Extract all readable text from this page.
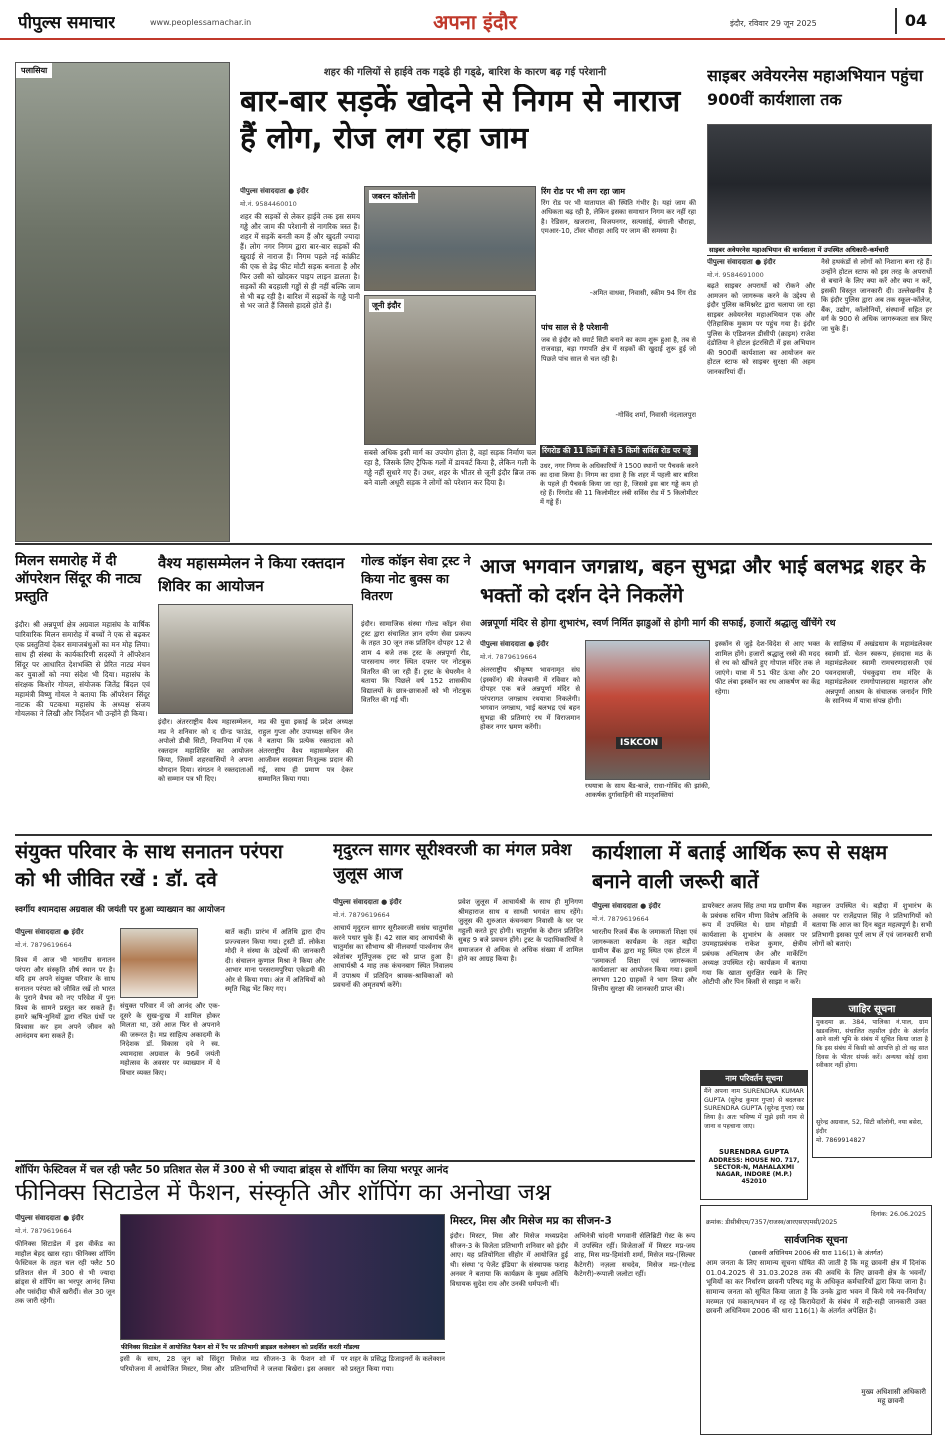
पीपुल्स समाचार	www.peoplessamachar.in	अपना इंदौर	इंदौर, रविवार 29 जून 2025	04
पलासिया	शहर की गलियों से हाईवे तक गड्‌ढे ही गड्‌ढे, बारिश के कारण बढ़ गई परेशानी
बार-बार सड़कें खोदने से निगम से नाराज हैं लोग, रोज लग रहा जाम
पीपुल्स संवाददाता ● इंदौर
मो.नं. 9584460010
शहर की सड़कों से लेकर हाईवे तक इस समय गड्ढे और जाम की परेशानी से नागरिक त्रस्त हैं। शहर में सड़कें बनती कम हैं और खुदती ज्यादा हैं। लोग नगर निगम द्वारा बार-बार सड़कों की खुदाई से नाराज हैं। निगम पहले नई कांक्रीट की एक से डेढ़ फीट मोटी सड़क बनाता है और फिर उसी को खोदकर पाइप लाइन डालता है। सड़कों की बदहाली गड्ढों से ही नहीं बल्कि जाम से भी बढ़ रही है। बारिश में सड़कों के गड्ढे पानी से भर जाते हैं जिससे हादसे होते हैं।
जबरन कॉलोनी
जूनी इंदौर
सबसे अधिक इसी मार्ग का उपयोग होता है, वहां सड़क निर्माण चल रहा है, जिसके लिए ट्रैफिक गलों में डायवर्ट किया है, लेकिन गली के गड्ढे नहीं सुधारे गए हैं। उधर, शहर के भीतर से जूनी इंदौर ब्रिज तक बने वाली अधूरी सड़क ने लोगों को परेशान कर दिया है।
रिंग रोड पर भी लग रहा जाम
रिंग रोड पर भी यातायात की स्थिति गंभीर है। यहां जाम की अधिकता बढ़ रही है, लेकिन इसका समाधान निगम कर नहीं रहा है। रेडिसन, खजराना, विजयनगर, सत्यसांई, बंगाली चौराहा, एमआर-10, टॉवर चौराहा आदि पर जाम की समस्या है।
-अमित वाधवा, निवासी, स्कीम 94 रिंग रोड
पांच साल से है परेशानी
जब से इंदौर को स्मार्ट सिटी बनाने का काम शुरू हुआ है, तब से राजवाड़ा, बड़ा गणपति क्षेत्र में सड़कों की खुदाई शुरू हुई जो पिछले पांच साल से चल रही है।
-गोविंद शर्मा, निवासी नंदलालपुरा
रिंगरोड की 11 किमी में से 5 किमी सर्विस रोड पर गड्ढे
उधर, नगर निगम के अधिकारियों ने 1500 स्थानों पर पैचवर्क करने का दावा किया है। निगम का दावा है कि शहर में पहली बार बारिश के पहले ही पैचवर्क किया जा रहा है, जिससे इस बार गड्ढे कम हो रहे हैं। रिंगरोड की 11 किलोमीटर लंबी सर्विस रोड में 5 किलोमीटर में गड्ढे हैं।
साइबर अवेयरनेस महाअभियान पहुंचा 900वीं कार्यशाला तक
साइबर अवेयरनेस महाअभियान की कार्यशाला में उपस्थित अधिकारी-कर्मचारी
पीपुल्स संवाददाता ● इंदौर
मो.नं. 9584691000
बढ़ते साइबर अपराधों को रोकने और आमजन को जागरूक करने के उद्देश्य से इंदौर पुलिस कमिश्नरेट द्वारा चलाया जा रहा साइबर अवेयरनेस महाअभियान एक और ऐतिहासिक मुकाम पर पहुंच गया है। इंदौर पुलिस के एडिशनल डीसीपी (क्राइम) राजेश दंडोतिया ने होटल इंटरसिटी में इस अभियान की 900वीं कार्यशाला का आयोजन कर होटल स्टाफ को साइबर सुरक्षा की अहम जानकारियां दीं।
नैसे हथकंडों से लोगों को निशाना बना रहे हैं। उन्होंने होटल स्टाफ को इस तरह के अपराधों से बचाने के लिए क्या करें और क्या न करें, इसकी विस्तृत जानकारी दी। उल्लेखनीय है कि इंदौर पुलिस द्वारा अब तक स्कूल-कॉलेज, बैंक, उद्योग, कॉलोनियों, संस्थानों सहित हर वर्ग के 900 से अधिक जागरूकता सत्र किए जा चुके हैं।
मिलन समारोह में दी ऑपरेशन सिंदूर की नाट्य प्रस्तुति
इंदौर। श्री अन्नपूर्णा क्षेत्र अग्रवाल महासंघ के वार्षिक पारिवारिक मिलन समारोह में बच्चों ने एक से बढ़कर एक प्रस्तुतियां देकर समाजबंधुओं का मन मोह लिया। साथ ही संस्था के कार्यकारिणी सदस्यों ने ऑपरेशन सिंदूर पर आधारित देशभक्ति से प्रेरित नाट्य मंचन कर युवाओं को नया संदेश भी दिया। महासंघ के संरक्षक किशोर गोयल, संयोजक जितेंद्र बिंदल एवं महामंत्री विष्णु गोयल ने बताया कि ऑपरेशन सिंदूर नाटक की पटकथा महासंघ के अध्यक्ष संजय गोयलका ने लिखी और निर्देशन भी उन्होंने ही किया।
वैश्य महासम्मेलन ने किया रक्तदान शिविर का आयोजन
इंदौर। अंतरराष्ट्रीय वैश्य महासम्मेलन, मप्र ने शनिवार को द ग्रीन्ड फाउंड, अपोलो डीबी सिटी, निपानिया में एक रक्तदान महाशिविर का आयोजन किया, जिसमें शहरवासियों ने अपना योगदान दिया। संगठन ने रक्तदाताओं को सम्मान पत्र भी दिए।
मप्र की युवा इकाई के प्रदेश अध्यक्ष राहुल गुप्ता और उपाध्यक्ष सचिन जैन ने बताया कि प्रत्येक रक्तदाता को अंतरराष्ट्रीय वैश्य महासम्मेलन की आजीवन सदस्यता निःशुल्क प्रदान की गई, साथ ही प्रमाण पत्र देकर सम्मानित किया गया।
गोल्ड कॉइन सेवा ट्रस्ट ने किया नोट बुक्स का वितरण
इंदौर। सामाजिक संस्था गोल्ड कॉइन सेवा ट्रस्ट द्वारा संचालित ज्ञान दर्पण सेवा प्रकल्प के तहत 30 जून तक प्रतिदिन दोपहर 12 से शाम 4 बजे तक ट्रस्ट के अन्नपूर्णा रोड, पारसनाथ नगर स्थित दफ्तर पर नोटबुक वितरित की जा रही हैं। ट्रस्ट के चेयरमैन ने बताया कि पिछले वर्ष 152 शासकीय विद्यालयों के छात्र-छात्राओं को भी नोटबुक वितरित की गई थीं।
आज भगवान जगन्नाथ, बहन सुभद्रा और भाई बलभद्र शहर के भक्तों को दर्शन देने निकलेंगे
अन्नपूर्णा मंदिर से होगा शुभारंभ, स्वर्ण निर्मित झाडुओं से होगी मार्ग की सफाई, हजारों श्रद्धालु खींचेंगे रथ
पीपुल्स संवाददाता ● इंदौर
मो.नं. 7879619664
अंतरराष्ट्रीय श्रीकृष्ण भावनामृत संघ (इस्कॉन) की मेजबानी में रविवार को दोपहर एक बजे अन्नपूर्णा मंदिर से परंपरागत जगन्नाथ रथयात्रा निकलेगी। भगवान जगन्नाथ, भाई बलभद्र एवं बहन सुभद्रा की प्रतिमाएं रथ में विराजमान होकर नगर भ्रमण करेंगी।
ISKCON
रथयात्रा के साथ बैंड-बाजे, राधा-गोविंद की झांकी, आकर्षक दुर्गावाहिनी की मातृशक्तियां
इस्कॉन से जुड़े देश-विदेश से आए भक्त शामिल होंगे। हजारों श्रद्धालु रस्से की मदद से रथ को खींचते हुए गोपाल मंदिर तक ले जाएंगे। यात्रा में 51 फीट ऊंचा और 20 फीट लंबा इस्कॉन का रथ आकर्षण का केंद्र रहेगा।
के साक्षिध्य में अखंडधाम के महामंडलेश्वर स्वामी डॉ. चेतन स्वरूप, हंसदास मठ के महामंडलेश्वर स्वामी रामचरणदासजी एवं पवनदासजी, पंचकुइया राम मंदिर के महामंडलेश्वर रामगोपालदास महाराज और अन्नपूर्णा आश्रम के संचालक जनार्दन गिरि के सानिध्य में यात्रा संपन्न होगी।
संयुक्त परिवार के साथ सनातन परंपरा को भी जीवित रखें : डॉ. दवे
स्वर्गीय श्यामदास अग्रवाल की जयंती पर हुआ व्याख्यान का आयोजन
पीपुल्स संवाददाता ● इंदौर
मो.नं. 7879619664
विश्व में आज भी भारतीय सनातन परंपरा और संस्कृति शीर्ष स्थान पर है। यदि हम अपने संयुक्त परिवार के साथ सनातन परंपरा को जीवित रखें तो भारत के पुराने वैभव को नए परिवेश में पुनः विश्व के सामने प्रस्तुत कर सकते हैं। हमारे ऋषि-मुनियों द्वारा रचित ग्रंथों पर विश्वास कर हम अपने जीवन को आनंदमय बना सकते हैं।
संयुक्त परिवार में जो आनंद और एक-दूसरे के सुख-दुःख में शामिल होकर मिलता था, उसे आज फिर से अपनाने की जरूरत है। मप्र साहित्य अकादमी के निदेशक डॉ. विकास दवे ने स्व. श्यामदास अग्रवाल के 96वें जयंती महोत्सव के अवसर पर व्याख्यान में ये विचार व्यक्त किए।
बातें कहीं। प्रारंभ में अतिथि द्वारा दीप प्रज्ज्वलन किया गया। ट्रस्टी डॉ. लोकेश मोदी ने संस्था के उद्देश्यों की जानकारी दी। संचालन कुणाल मिश्रा ने किया और आभार माना परसरामपुरिया एकेडमी की ओर से किया गया। अंत में अतिथियों को स्मृति चिह्न भेंट किए गए।
मृदुरत्न सागर सूरीश्वरजी का मंगल प्रवेश जुलूस आज
पीपुल्स संवाददाता ● इंदौर
मो.नं. 7879619664
आचार्य मृदुरत्न सागर सूरीश्वरजी ससंघ चातुर्मास करने पधार चुके हैं। 42 साल बाद आचार्यश्री के चातुर्मास का सौभाग्य श्री नीलवर्णा पार्श्वनाथ जैन श्वेतांबर मूर्तिपूजक ट्रस्ट को प्राप्त हुआ है। आचार्यश्री 4 माह तक कंचनबाग स्थित निवालय में उपाश्रय में प्रतिदिन श्रावक-श्राविकाओं को प्रवचनों की अमृतवर्षा करेंगे।
प्रवेश जुलूस में आचार्यश्री के साथ ही मुनिगण श्रीमहाराज साथ व साध्वी भगवंत साथ रहेंगे। जुलूस की शुरुआत कंचनबाग निवासी के घर पर गहुली करते हुए होगी। चातुर्मास के दौरान प्रतिदिन सुबह 9 बजे प्रवचन होंगे। ट्रस्ट के पदाधिकारियों ने समाजजन से अधिक से अधिक संख्या में शामिल होने का आग्रह किया है।
कार्यशाला में बताई आर्थिक रूप से सक्षम बनाने वाली जरूरी बातें
पीपुल्स संवाददाता ● इंदौर
मो.नं. 7879619664
भारतीय रिजर्व बैंक के जमाकर्ता शिक्षा एवं जागरूकता कार्यक्रम के तहत बड़ौदा ग्रामीण बैंक द्वारा महू स्थित एक होटल में 'जमाकर्ता शिक्षा एवं जागरूकता कार्यशाला' का आयोजन किया गया। इसमें लगभग 120 ग्राहकों ने भाग लिया और वित्तीय सुरक्षा की जानकारी प्राप्त की।
डायरेक्टर अजय सिंह तथा मप्र ग्रामीण बैंक के प्रबंधक सचिन मीणा विशेष अतिथि के रूप में उपस्थित थे। ग्राम मोहाडी में कार्यशाला के शुभारंभ के अवसर पर उपमहाप्रबंधक राकेश कुमार, क्षेत्रीय प्रबंधक अभिलाष जैन और मार्केटिंग अध्यक्ष उपस्थित रहे। कार्यक्रम में बताया गया कि खाता सुरक्षित रखने के लिए ओटीपी और पिन किसी से साझा न करें।
महाजन उपस्थित थे। बड़ौदा में शुभारंभ के अवसर पर राजेंद्रपाल सिंह ने प्रतिभागियों को बताया कि आज का दिन बहुत महत्वपूर्ण है। सभी प्रतिभागी इसका पूर्ण लाभ लें एवं जानकारी सभी लोगों को बताएं।
जाहिर सूचना
मुकदमा क्र. 384, पालिका नं.पाल, ग्राम खडवलिया, संचालित तहसील इंदौर के अंतर्गत आने वाली भूमि के संबंध में सूचित किया जाता है कि इस संबंध में किसी को आपत्ति हो तो वह सात दिवस के भीतर संपर्क करें। अन्यथा कोई दावा स्वीकार नहीं होगा।
सुरेन्द्र अग्रवाल, 52, सिटी कॉलोनी, नया बसेरा, इंदौर
मो. 7869914827
नाम परिवर्तन सूचना
मैंने अपना नाम SURENDRA KUMAR GUPTA (सुरेन्द्र कुमार गुप्ता) से बदलकर SURENDRA GUPTA (सुरेन्द्र गुप्ता) रख लिया है। अतः भविष्य में मुझे इसी नाम से जाना व पहचाना जाए।
SURENDRA GUPTA
ADDRESS: HOUSE NO. 717, SECTOR-N, MAHALAXMI NAGAR, INDORE (M.P.) 452010
शॉपिंग फेस्टिवल में चल रही फ्लैट 50 प्रतिशत सेल में 300 से भी ज्यादा ब्रांड्स से शॉपिंग का लिया भरपूर आनंद
फीनिक्स सिटाडेल में फैशन, संस्कृति और शॉपिंग का अनोखा जश्न
पीपुल्स संवाददाता ● इंदौर
मो.नं. 7879619664
फीनिक्स सिटाडेल में इस वीकेंड का माहौल बेहद खास रहा। फीनिक्स शॉपिंग फेस्टिवल के तहत चल रही फ्लैट 50 प्रतिशत सेल में 300 से भी ज्यादा ब्रांड्स से शॉपिंग का भरपूर आनंद लिया और पसंदीदा चीजें खरीदीं। सेल 30 जून तक जारी रहेगी।
फीनिक्स सिटाडेल में आयोजित फैशन शो में रैंप पर प्रतिभागी ब्राइडल कलेक्शन को प्रदर्शित करती मॉडल्स
इसी के साथ, 28 जून को सिंदूरा परियोजना में आयोजित मिस्टर, मिस और मिसेज मप्र सीजन-3 के फैशन शो में प्रतिभागियों ने जलवा बिखेरा। इस अवसर पर शहर के प्रसिद्ध डिजाइनरों के कलेक्शन को प्रस्तुत किया गया।
मिस्टर, मिस और मिसेज मप्र का सीजन-3
इंदौर। मिस्टर, मिस और मिसेज मध्यप्रदेश सीजन-3 के विजेता प्रतिभागी शनिवार को इंदौर आए। यह प्रतियोगिता सीहोर में आयोजित हुई थी। संस्था 'द पेजेंट इंडिया' के संस्थापक फराह अनवर ने बताया कि कार्यक्रम के मुख्य अतिथि विधायक सुदेश राय और उनकी धर्मपत्नी थीं।
अभिनेत्री चांदनी भगवानी सेलिब्रिटी गेस्ट के रूप में उपस्थित रहीं। विजेताओं में मिस्टर मप्र-जय शाह, मिस मप्र-हिमांशी शर्मा, मिसेज मप्र-(सिल्वर कैटेगरी) नज़ला सचदेव, मिसेज मप्र-(गोल्ड कैटेगरी)-रूपाली जलोटा रहीं।
क्रमांक: डीसीबीएम/7357/राजस्व/आरएसएएमसी/2025
दिनांक: 26.06.2025
सार्वजनिक सूचना
(छावनी अधिनियम 2006 की धारा 116(1) के अंतर्गत)
आम जनता के लिए सामान्य सूचना घोषित की जाती है कि महू छावनी क्षेत्र में दिनांक 01.04.2025 से 31.03.2028 तक की अवधि के लिए छावनी क्षेत्र के भवनों/भूमियों का कर निर्धारण छावनी परिषद महू के अधिकृत कर्मचारियों द्वारा किया जाना है। सामान्य जनता को सूचित किया जाता है कि उनके द्वारा भवन में किये गये नव-निर्माण/मरम्मत एवं मकान/भवन में रह रहे किरायेदारों के संबंध में सही-सही जानकारी उक्त छावनी अधिनियम 2006 की धारा 116(1) के अंतर्गत अपेक्षित है।
मुख्य अधिशासी अधिकारी
महू छावनी
